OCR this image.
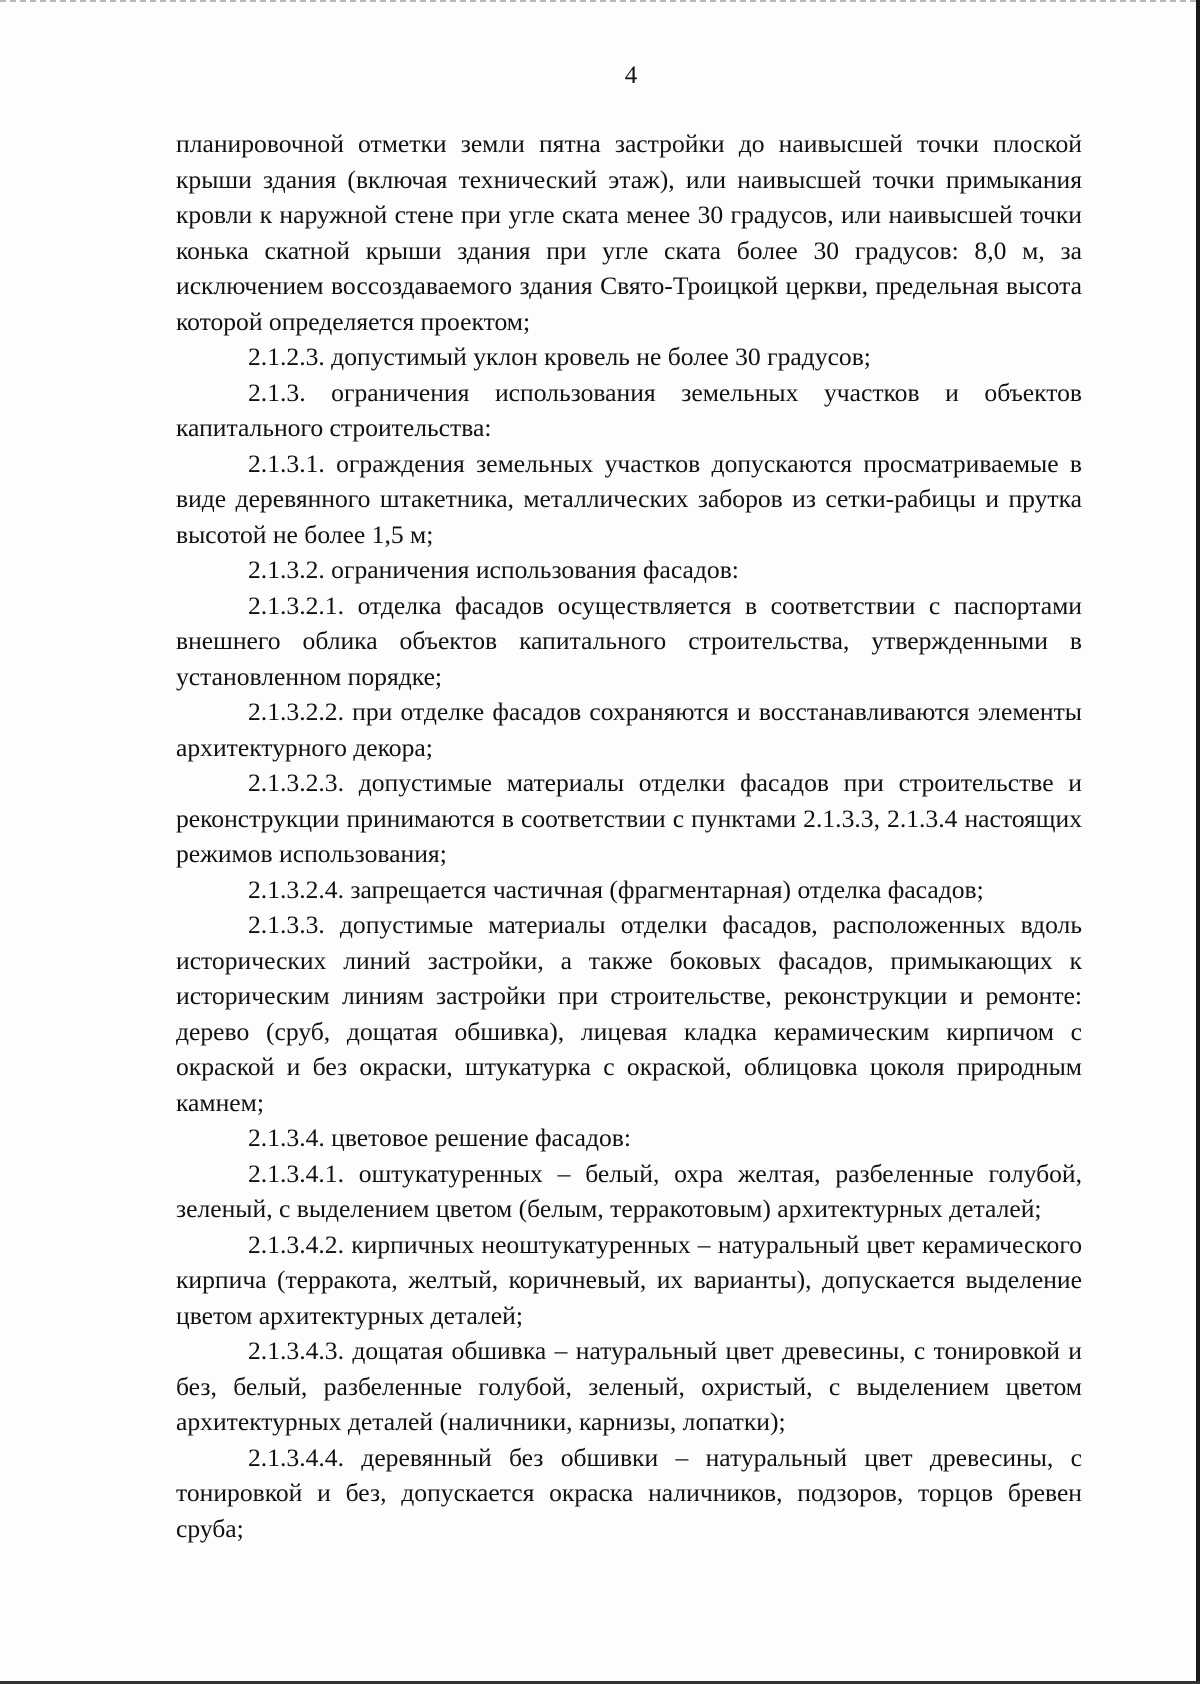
4

планировочной отметки земли пятна застройки до наивысшей точки плоской крыши здания (включая технический этаж), или наивысшей точки примыкания кровли к наружной стене при угле ската менее 30 градусов, или наивысшей точки конька скатной крыши здания при угле ската более 30 градусов: 8,0 м, за исключением воссоздаваемого здания Свято-Троицкой церкви, предельная высота которой определяется проектом;

2.1.2.3. допустимый уклон кровель не более 30 градусов;

2.1.3. ограничения использования земельных участков и объектов капитального строительства:

2.1.3.1. ограждения земельных участков допускаются просматриваемые в виде деревянного штакетника, металлических заборов из сетки-рабицы и прутка высотой не более 1,5 м;

2.1.3.2. ограничения использования фасадов:

2.1.3.2.1. отделка фасадов осуществляется в соответствии с паспортами внешнего облика объектов капитального строительства, утвержденными в установленном порядке;

2.1.3.2.2. при отделке фасадов сохраняются и восстанавливаются элементы архитектурного декора;

2.1.3.2.3. допустимые материалы отделки фасадов при строительстве и реконструкции принимаются в соответствии с пунктами 2.1.3.3, 2.1.3.4 настоящих режимов использования;

2.1.3.2.4. запрещается частичная (фрагментарная) отделка фасадов;

2.1.3.3. допустимые материалы отделки фасадов, расположенных вдоль исторических линий застройки, а также боковых фасадов, примыкающих к историческим линиям застройки при строительстве, реконструкции и ремонте: дерево (сруб, дощатая обшивка), лицевая кладка керамическим кирпичом с окраской и без окраски, штукатурка с окраской, облицовка цоколя природным камнем;

2.1.3.4. цветовое решение фасадов:

2.1.3.4.1. оштукатуренных – белый, охра желтая, разбеленные голубой, зеленый, с выделением цветом (белым, терракотовым) архитектурных деталей;

2.1.3.4.2. кирпичных неоштукатуренных – натуральный цвет керамического кирпича (терракота, желтый, коричневый, их варианты), допускается выделение цветом архитектурных деталей;

2.1.3.4.3. дощатая обшивка – натуральный цвет древесины, с тонировкой и без, белый, разбеленные голубой, зеленый, охристый, с выделением цветом архитектурных деталей (наличники, карнизы, лопатки);

2.1.3.4.4. деревянный без обшивки – натуральный цвет древесины, с тонировкой и без, допускается окраска наличников, подзоров, торцов бревен сруба;
